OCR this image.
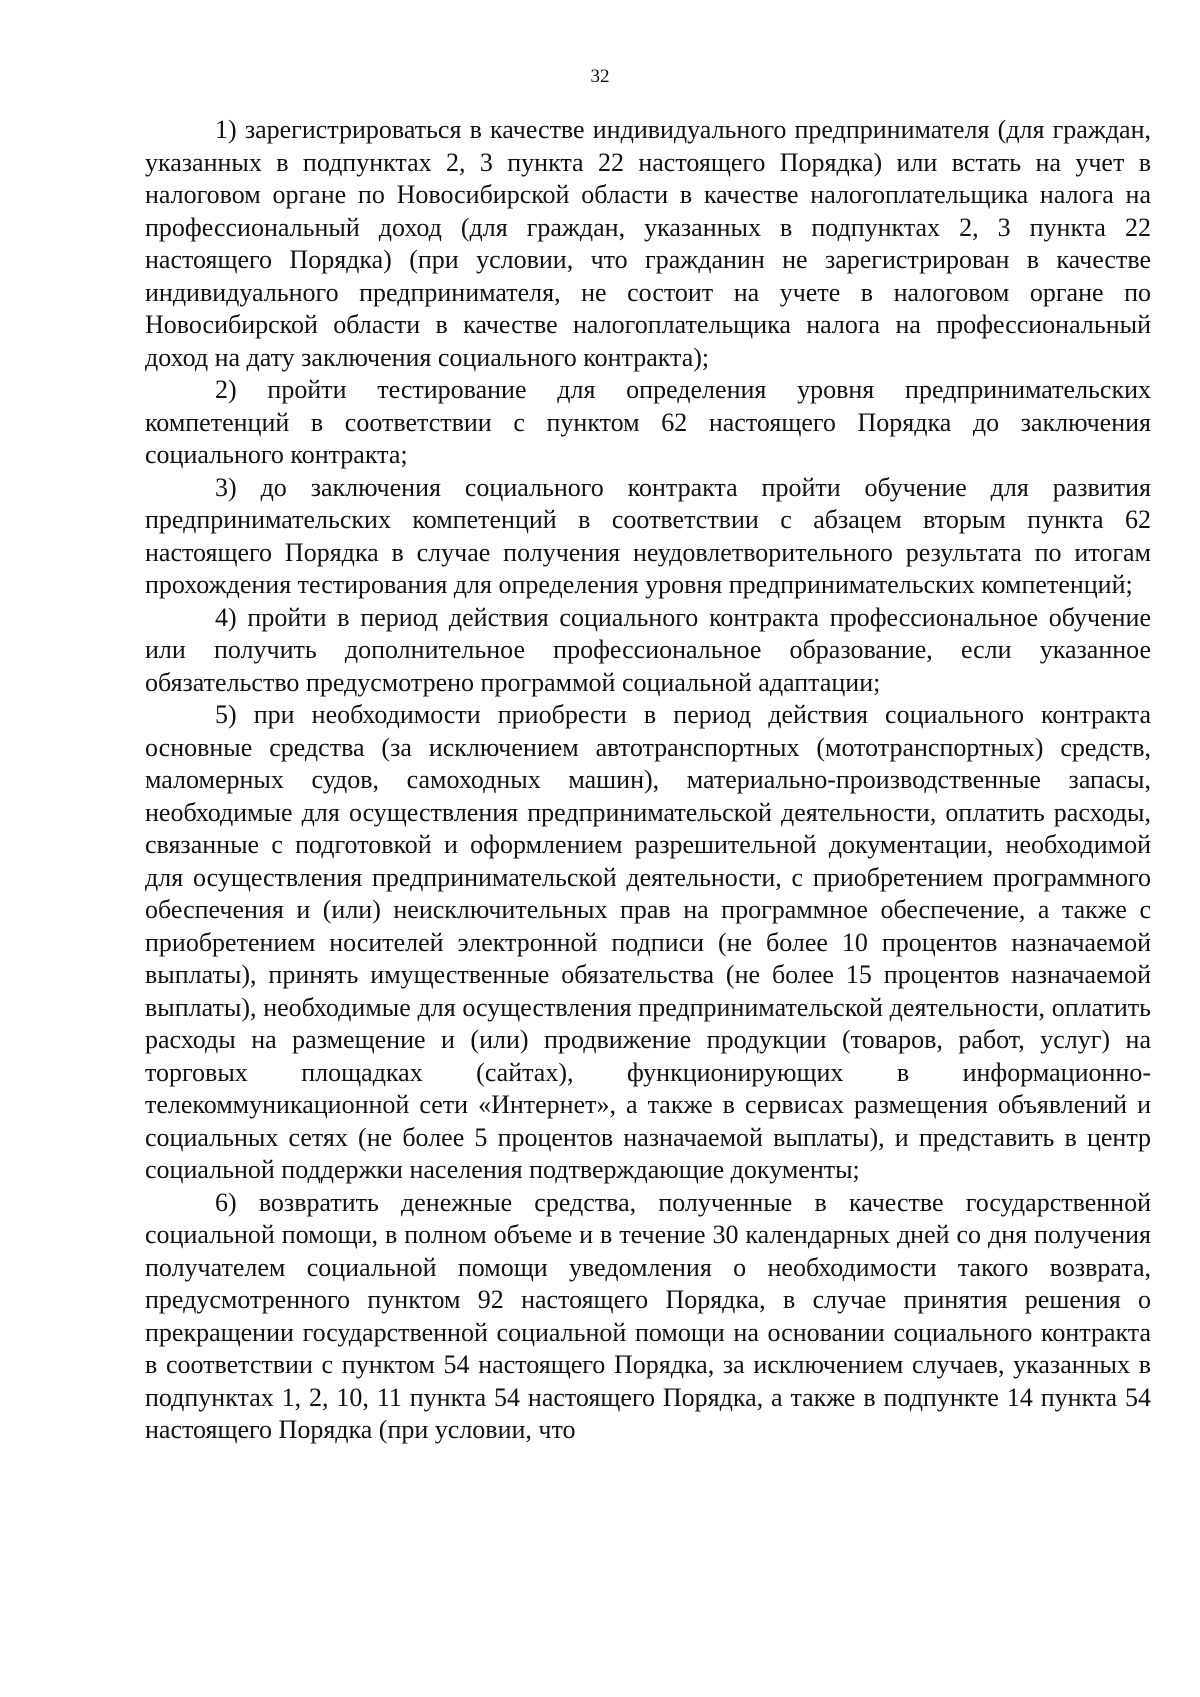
32

1) зарегистрироваться в качестве индивидуального предпринимателя (для граждан, указанных в подпунктах 2, 3 пункта 22 настоящего Порядка) или встать на учет в налоговом органе по Новосибирской области в качестве налогоплательщика налога на профессиональный доход (для граждан, указанных в подпунктах 2, 3 пункта 22 настоящего Порядка) (при условии, что гражданин не зарегистрирован в качестве индивидуального предпринимателя, не состоит на учете в налоговом органе по Новосибирской области в качестве налогоплательщика налога на профессиональный доход на дату заключения социального контракта);

2) пройти тестирование для определения уровня предпринимательских компетенций в соответствии с пунктом 62 настоящего Порядка до заключения социального контракта;

3) до заключения социального контракта пройти обучение для развития предпринимательских компетенций в соответствии с абзацем вторым пункта 62 настоящего Порядка в случае получения неудовлетворительного результата по итогам прохождения тестирования для определения уровня предпринимательских компетенций;

4) пройти в период действия социального контракта профессиональное обучение или получить дополнительное профессиональное образование, если указанное обязательство предусмотрено программой социальной адаптации;

5) при необходимости приобрести в период действия социального контракта основные средства (за исключением автотранспортных (мототранспортных) средств, маломерных судов, самоходных машин), материально-производственные запасы, необходимые для осуществления предпринимательской деятельности, оплатить расходы, связанные с подготовкой и оформлением разрешительной документации, необходимой для осуществления предпринимательской деятельности, с приобретением программного обеспечения и (или) неисключительных прав на программное обеспечение, а также с приобретением носителей электронной подписи (не более 10 процентов назначаемой выплаты), принять имущественные обязательства (не более 15 процентов назначаемой выплаты), необходимые для осуществления предпринимательской деятельности, оплатить расходы на размещение и (или) продвижение продукции (товаров, работ, услуг) на торговых площадках (сайтах), функционирующих в информационно-телекоммуникационной сети «Интернет», а также в сервисах размещения объявлений и социальных сетях (не более 5 процентов назначаемой выплаты), и представить в центр социальной поддержки населения подтверждающие документы;

6) возвратить денежные средства, полученные в качестве государственной социальной помощи, в полном объеме и в течение 30 календарных дней со дня получения получателем социальной помощи уведомления о необходимости такого возврата, предусмотренного пунктом 92 настоящего Порядка, в случае принятия решения о прекращении государственной социальной помощи на основании социального контракта в соответствии с пунктом 54 настоящего Порядка, за исключением случаев, указанных в подпунктах 1, 2, 10, 11 пункта 54 настоящего Порядка, а также в подпункте 14 пункта 54 настоящего Порядка (при условии, что
